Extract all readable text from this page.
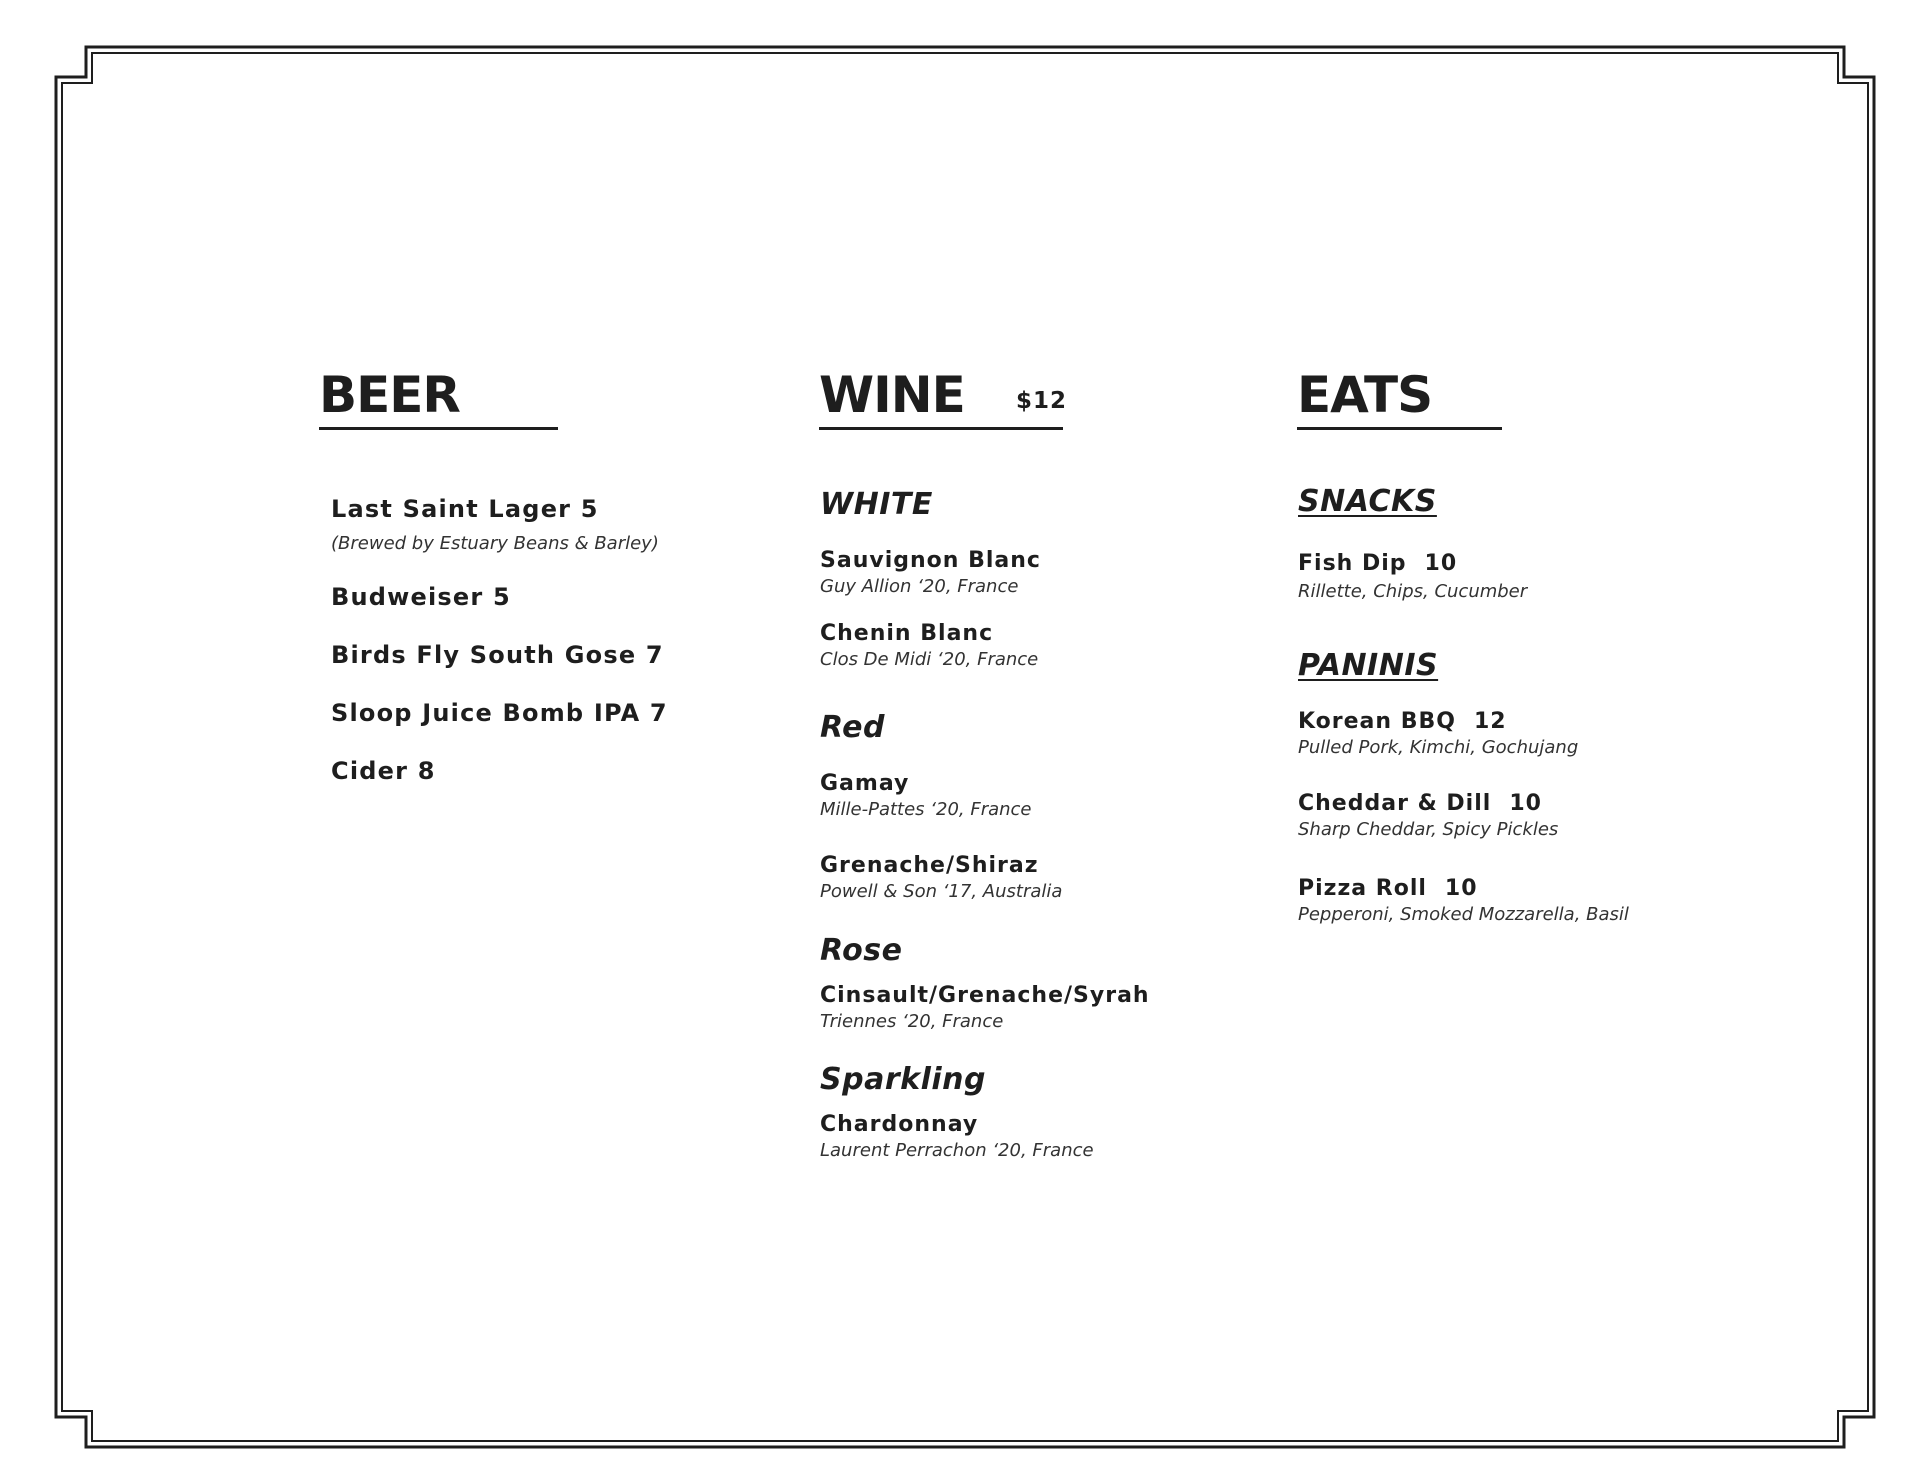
BEER
Last Saint Lager 5
(Brewed by Estuary Beans & Barley)
Budweiser 5
Birds Fly South Gose 7
Sloop Juice Bomb IPA 7
Cider 8
WINE $12
WHITE
Sauvignon Blanc
Guy Allion ‘20, France
Chenin Blanc
Clos De Midi ‘20, France
Red
Gamay
Mille-Pattes ‘20, France
Grenache/Shiraz
Powell & Son ‘17, Australia
Rose
Cinsault/Grenache/Syrah
Triennes ‘20, France
Sparkling
Chardonnay
Laurent Perrachon ‘20, France
EATS
SNACKS
Fish Dip 10
Rillette, Chips, Cucumber
PANINIS
Korean BBQ 12
Pulled Pork, Kimchi, Gochujang
Cheddar & Dill 10
Sharp Cheddar, Spicy Pickles
Pizza Roll 10
Pepperoni, Smoked Mozzarella, Basil
